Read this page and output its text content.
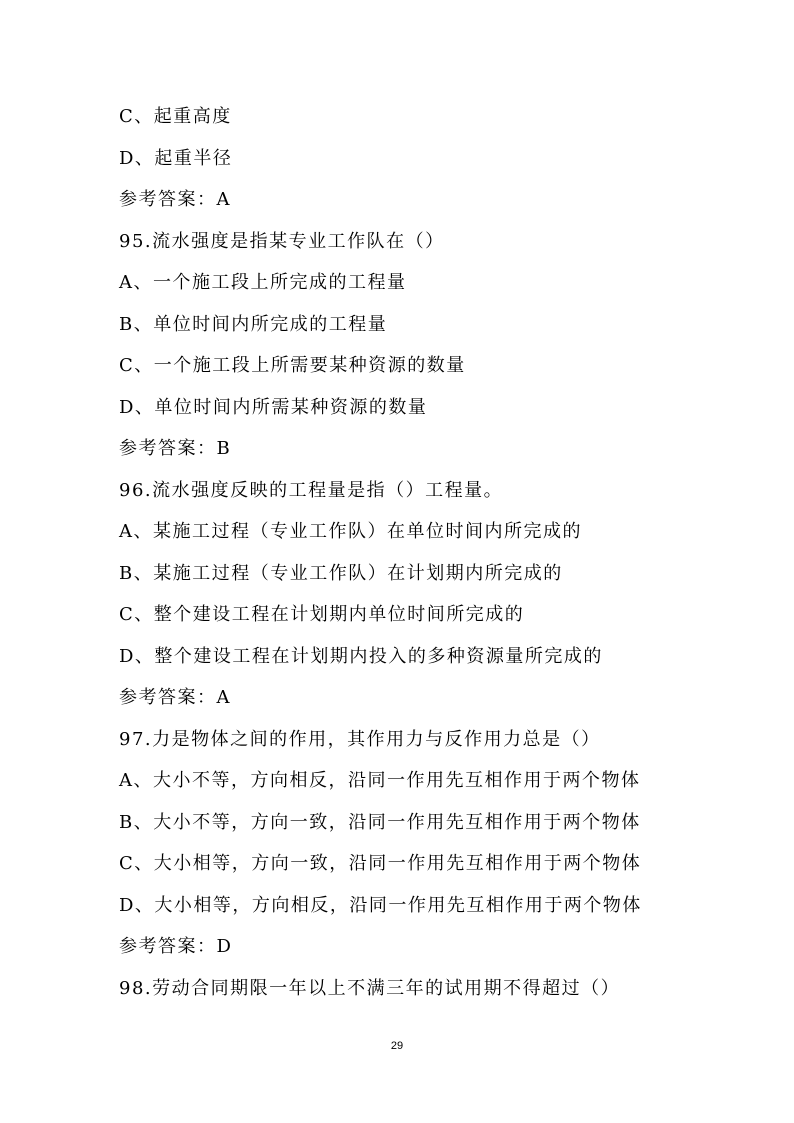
C、起重高度
D、起重半径
参考答案：A
95.流水强度是指某专业工作队在（）
A、一个施工段上所完成的工程量
B、单位时间内所完成的工程量
C、一个施工段上所需要某种资源的数量
D、单位时间内所需某种资源的数量
参考答案：B
96.流水强度反映的工程量是指（）工程量。
A、某施工过程（专业工作队）在单位时间内所完成的
B、某施工过程（专业工作队）在计划期内所完成的
C、整个建设工程在计划期内单位时间所完成的
D、整个建设工程在计划期内投入的多种资源量所完成的
参考答案：A
97.力是物体之间的作用，其作用力与反作用力总是（）
A、大小不等，方向相反，沿同一作用先互相作用于两个物体
B、大小不等，方向一致，沿同一作用先互相作用于两个物体
C、大小相等，方向一致，沿同一作用先互相作用于两个物体
D、大小相等，方向相反，沿同一作用先互相作用于两个物体
参考答案：D
98.劳动合同期限一年以上不满三年的试用期不得超过（）
29
